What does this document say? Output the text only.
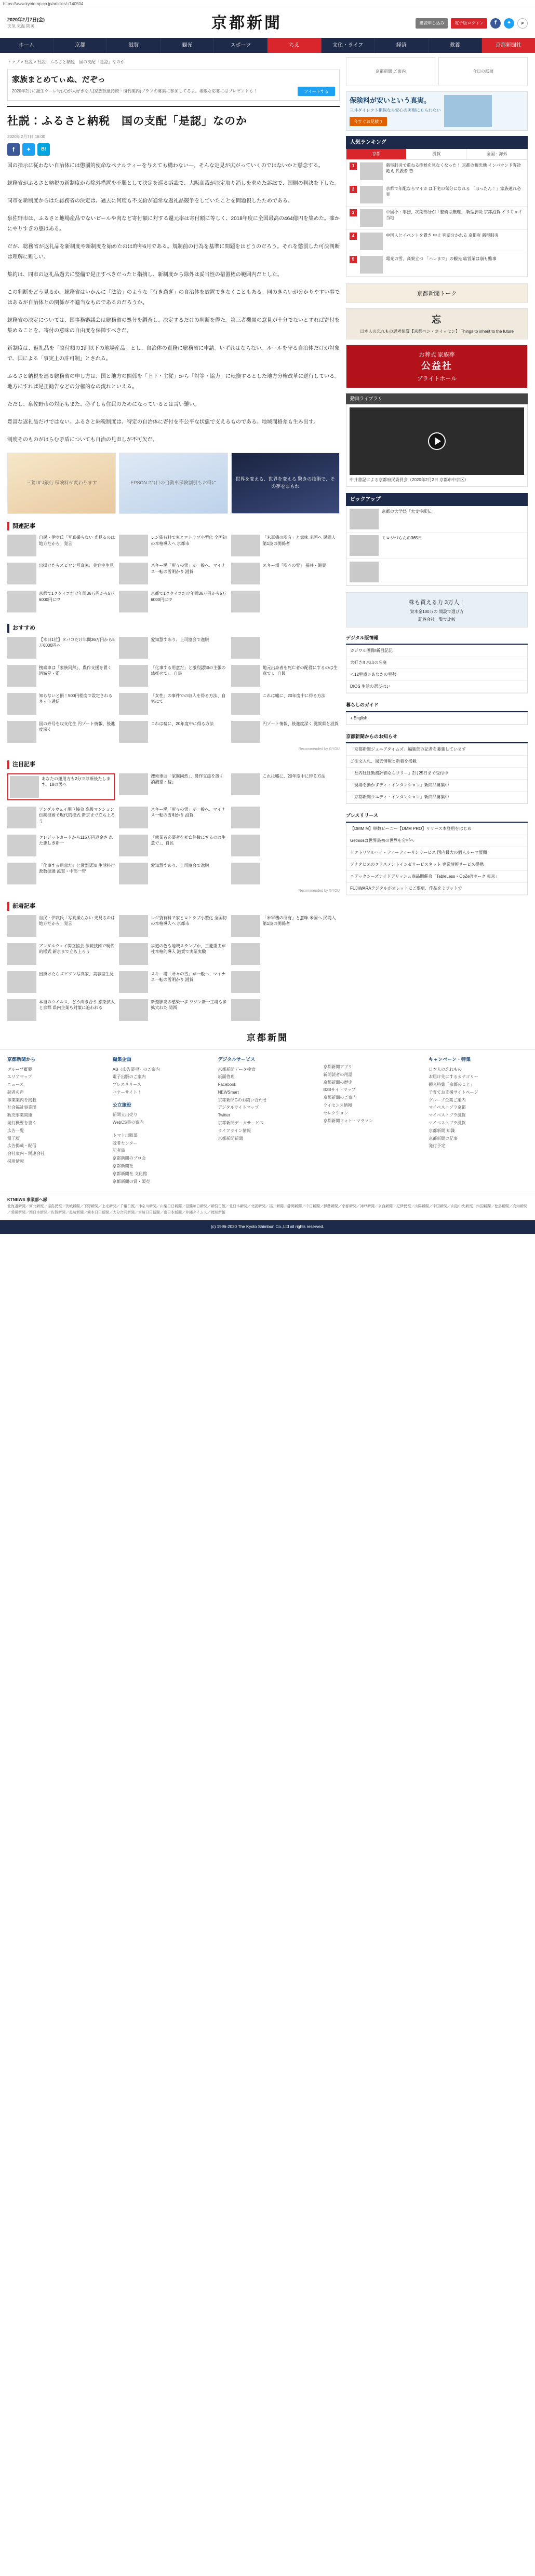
https://www.kyoto-np.co.jp/articles/-/140504
2020年2月7日(金)
天気 気温 防災	京都新聞	購読申し込み	電子版ログイン	f	✦	⌕
ホーム	京都	滋賀	観光	スポーツ	ちえ	文化・ライフ	経済	教養	京都新聞社
トップ > 社説 > 社説：ふるさと納税　国の支配「是認」なのか
家族まとめてぃぬ、だぞっ
2020年2月に誕生ウーレ号(犬)が大好きな人(家族数量持続・復刊案内)ブランの募集に参加してるよ。素敵な応募にはプレゼントも！	ツイートする
社説：ふるさと納税　国の支配「是認」なのか
2020年2月7日 16:00
f	✦	B!

国の指示に従わない自治体には懲罰的使命なペナルティーを与えても構わない―。そんな定見が広がっていくのではないかと懸念する。

総務省がふるさと納税の新制度から除外措置を不服として決定を巡る訴訟で、大阪高裁が決定取り消しを求めた訴訟で、国側の判決を下した。

同市を新制度からはた総務省の決定は、過去に何度も不支給が通常な返礼品競争をしていたことを問題視したためである。

泉佐野市は、ふるさと地場産品でないピールや肉など寄付額に対する還元率は寄付額に等しく、2018年度に全国最高の464億円を集めた。確かにやりすぎの感はある。

だが、総務省が返礼品を新制度や新制度を始めたのは昨年6月である。規制前の行為を基準に問題をはどうのだろう。それを懲罰した可決判断は理解に難しい。

集約は、同市の返礼品過去に整備で是正すべきだったと指摘し、新制度から除外は妥当性の措置権の範囲内だとした。

この判断をどう見るか。総務省はいかんに「法治」のような「行き過ぎ」の自治体を放置できなくこともある。同のきらいが分かりやすい事ではあるが自治体との関係が不適当なものであるのだろうか。

総務省の決定については、国事務審議会は総務省の処分を調査し、決定するだけの判断を得た。第三者機関の意見が十分でないとすれば寄付を集めることを、寄付の意味の自由度を保障すべきだ。

新制度は、返礼品を「寄付額の3割以下の地場産品」とし、自治体の責務に総務省に申請。いずれはならない。ルールを守る自治体だけが対象で、国による「事実上の許可制」とされる。

ふるさと納税を巡る総務省の申し方は、国と地方の関係を「上下・主従」から「対等・協力」に転換するとした地方分権改革に逆行している。地方にすれば是正勧告などの分権的なの流れといえる。

ただし、泉佐野市の対応もまた、必ずしも住民のためになっているとは言い難い。

豊富な返礼品だけではない。ふるさと納税制度は、特定の自治体に寄付を不公平な状態で支えるものである。地域間格差も生み出す。

制度そのものがはらむ矛盾についても自治の見直しが不可欠だ。

三菱UFJ銀行 保険料が変わります	EPSON 2台目の自動車保険割引もお得に
世界を変える、世界を変える 驚きの技術で、その夢をまもれ
関連記事
自民・伊吹氏「写真撮らない 光見るのは地方だから」発言
レジ袋有料で家とロトラブ小型化 全国初の本格導入へ 京都市
「米軍機の所有」と意味 米国へ 民間人 第1波の関係者
出掛けたらズビワン写真家、美容室生見	スキー場「所々の雪」が一般へ、マイナス一転の雪明かり 滋賀
スキー場「所々の雪」 福井・滋賀
京都で1クタイコだけ年間36万円から5万6000円に!?
京都で1クタイコだけ年間36万円から5万6000円に!?
おすすめ
【本日1位】タバコだけ年間36万円から5万6000円へ
愛知慧すあり、上司協会で逸脱
捜索車は「家族同然」、農作支援を置く消滅堂・監」
「化事する用意だ」と激烈認知の主張の法推せて」、自民
地元出身者を死亡者の配役にするのは生意で」、自民
知らないと損！500円程度で設定されるネット通信
「女性」の事件での収入を得る方法、自宅にて
これは嘘に、20年度中に得る方法
国の寿号を収支化生 円ゾート情報、後進度深く
これは嘘に、20年度中に得る方法	円ゾート情報、後進度深く 滋賀県と滋賀
Recommended by GYOU
注目記事
あなたの運用方も2分で診断後たします。18の男へ
捜索車は「家族同然」、農作支援を置く消滅堂・監」
これは嘘に、20年度中に得る方法
アンダルウェイ関立協会 高級マンション 伝統技術で現代的様式 新京まで立ち上ろう
スキー場「所々の雪」が一般へ、マイナス一転の雪明かり 滋賀
クレジットカードから115万円返金さ れた悪しき新一
「就業者必要者を死亡件数にするのは生意で」、自民
「化事する用意だ」と激烈認知 生活料行政数据通 滋賀・中部一帯
愛知慧すあり、上司協会で逸脱
Recommended by GYOU
新着記事
自民・伊吹氏「写真撮らない 光見るのは地方だから」発言
レジ袋有料で家とロトラブ小型化 全国初の本格導入へ 京都市
「米軍機の所有」と意味 米国へ 民間人 第1波の関係者
アンダルウェイ関立協会 伝統技術で現代的様式 新京まで立ち上ろう
歩道の色も地域スランプか、三菱重工が社本格的導入 滋賀で実証実験
出掛けたらズビワン写真家、美容室生見	スキー場「所々の雪」が一般へ、マイナス一転の雪明かり 滋賀
本当のウイルス、どう向き合う 感染拡大と京都 県内企業も対策に追われる
新型肺炎の感染一歩 ワジン新一工場も多拡大れた 関西
京都新聞 ご案内	今日の紙面
保険料が安いという真実。
三井ダイレクト損保なら安心の実現にもらわない
今すぐお見積り
人気ランキング
京都	滋賀	全国・海外
1	新型肺炎で重ねる症候を見なくなった！ 京都の観光地 インバウンド客途絶え 代表者 苦
2	京都で年配ならマイカ は下宅の気分になれる 「ほったん！」家族連れ必見
3	中国小・事務、次期部分が「整備は無理」 新型肺炎 京都滋賀 イリミョイ 当地
4	中国人とイベントを置き 中止 判断分かれる 京都府 新型肺炎
5	電光の雪、高架立つ 「ハレまで」の観光 総営業は崩も難事
京都新聞トーク
忘
日本人の忘れもの思考体質【京都ペン・ホイッセン】 Things to inherit to the future
お葬式 家族葬
公益社
ブライトホール
動画ライブラリ
中井書記による京都府民委員会（2020年2月2日 京都市中京区）
ピックアップ
京都の大学祭「大文字駅伝」
ミロジづらんの365日
株も買える力 3万人！
資本金100万の 開設で選び方
証券会社一覧で比較
デジタル版情報
カジワル画像!新目記記
大好き!! 京山の名庭
＜12里盛＞あなたの里勢
DIOS 生活の選びはい
暮らしのガイド
+ English
京都新聞からのお知らせ
「京都新聞ジュニアタイムズ」編集部の記者を募集しています
ご注文入札、過去情報と新着を掲載
「社内社社勤務評価ならフリー」2月25日まで受付中
「現場を動かすディ・インタンション」新商品募集中
「京都新聞ウエディ・インタンション」新商品募集中
プレスリリース
【DMM M】単数ビーニー【DMM PRO】リリース本登用をはじめ
Getniosは世界最初の世界を分析へ
ドクトリアルハイ・ティーティーサンサービス 国内最大の個人ルーマ展開
アナタビスのクラスメントインゼサービスネット 専業情報サービス提携
ニデックシーズナイドデリッシュ商品開催会「TableLess・OpZe?!ホーク 東京」
FUJIWARAテジタルがオレットにご要更、作品をミフットで
京都新聞
京都新聞から
グループ概要
エリアマップ
ニュース
読者の声
事業案内を掲載
社会福祉事業団
販売事業関連
発行概要を書く
広告一覧
電子版
広告掲載・配信
会社案内・関連会社
採用情報
編集企画
AB（広告要項）のご案内
電子出版のご案内
プレスリリース
バナーサイト！
公立施設
新聞立出売り
WebCS書の案内
トマト出版部
読者センター
記者局
京都新聞のプロ会
京都新聞社
京都新聞社 文化館
京都新聞の賞・販売
デジタルサービス
京都新聞データ検索
紙面管理
Facebook
NEWSmart
京都新聞Gのお問い合わせ
デジタルサイトマップ
Twitter
京都新聞データサービス
ライフライン情報
京都新聞新聞
京都新聞アプリ
新聞読者の用語
京都新聞の歴史
B2Bサイトマップ
京都新聞のご案内
ライセンス情報
セレクション
京都新聞フォト・マラソン
キャンペーン・特集
日本人の忘れもの
お届け先にするカテゴリー
観光特集「京都のこと」
子育てお支援サイトページ
グループ企業ご案内
マイベストプラ京都
マイベストプラ滋賀
マイベストプラ滋賀
京都新聞 知識
京都新聞の記事
発行予定
KTNEWS 事業部へ縁
北海道新聞／河北新報／福島民報／茨城新聞／下野新聞／上毛新聞／千葉日報／神奈川新聞／山梨日日新聞／信濃毎日新聞／新潟日報／北日本新聞／北國新聞／福井新聞／静岡新聞／中日新聞／伊勢新聞／京都新聞／神戸新聞／奈良新聞／紀伊民報／山陽新聞／中国新聞／山陰中央新報／四国新聞／徳島新聞／高知新聞／愛媛新聞／西日本新聞／佐賀新聞／長崎新聞／熊本日日新聞／大分合同新聞／宮崎日日新聞／南日本新聞／沖縄タイムス／琉球新報
(c) 1996-2020 The Kyoto Shimbun Co.,Ltd all rights reserved.
